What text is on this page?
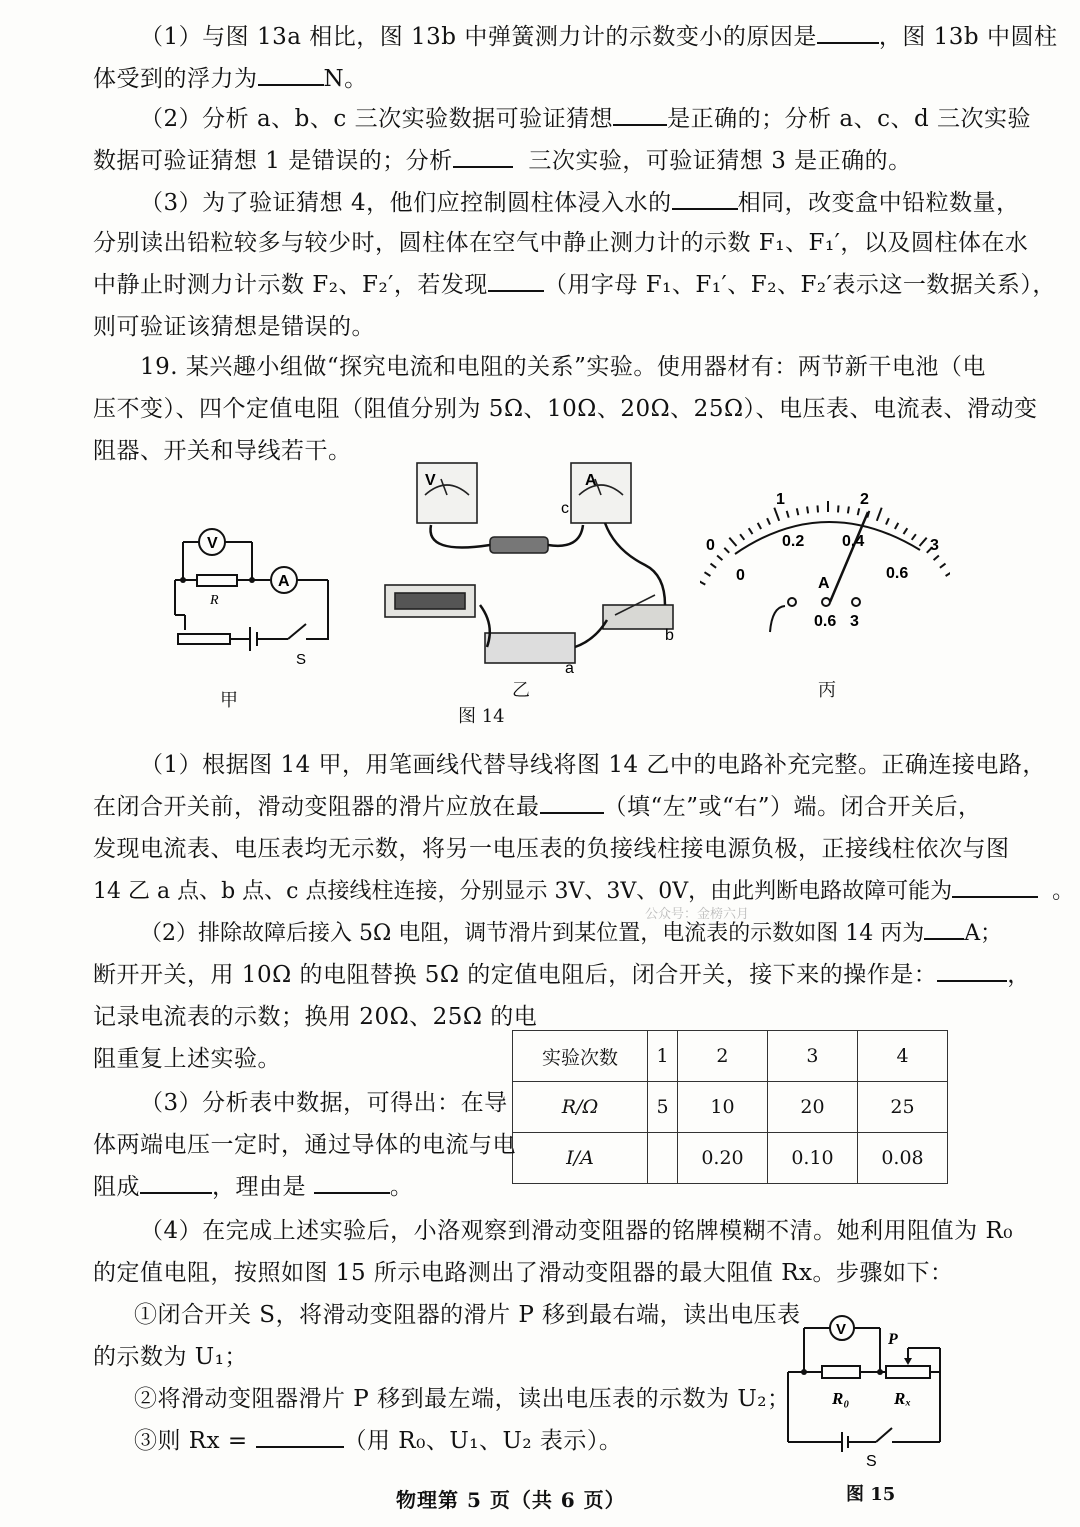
（1）与图 13a 相比，图 13b 中弹簧测力计的示数变小的原因是	，图 13b 中圆柱
体受到的浮力为	N。
（2）分析 a、b、c 三次实验数据可验证猜想 是正确的；分析 a、c、d 三次实验
数据可验证猜想 1 是错误的；分析	三次实验，可验证猜想 3 是正确的。
（3）为了验证猜想 4，他们应控制圆柱体浸入水的	相同，改变盒中铅粒数量，
分别读出铅粒较多与较少时，圆柱体在空气中静止测力计的示数 F₁、F₁′，以及圆柱体在水
中静止时测力计示数 F₂、F₂′，若发现 （用字母 F₁、F₁′、F₂、F₂′表示这一数据关系），
则可验证该猜想是错误的。
19. 某兴趣小组做“探究电流和电阻的关系”实验。使用器材有：两节新干电池（电
压不变）、四个定值电阻（阻值分别为 5Ω、10Ω、20Ω、25Ω）、电压表、电流表、滑动变
阻器、开关和导线若干。
V
A
R
S
甲
V	A
c
a
b
乙
图 14
1	2
0	3
0
0.2 0.4
0.6
A
0.6 3
丙
（1）根据图 14 甲，用笔画线代替导线将图 14 乙中的电路补充完整。正确连接电路，
在闭合开关前，滑动变阻器的滑片应放在最	（填“左”或“右”）端。闭合开关后，
发现电流表、电压表均无示数，将另一电压表的负接线柱接电源负极，正接线柱依次与图
14 乙 a 点、b 点、c 点接线柱连接，分别显示 3V、3V、0V，由此判断电路故障可能为	。
公众号：金榜六月
（2）排除故障后接入 5Ω 电阻，调节滑片到某位置，电流表的示数如图 14 丙为 A；
断开开关，用 10Ω 的电阻替换 5Ω 的定值电阻后，闭合开关，接下来的操作是：	，
记录电流表的示数；换用 20Ω、25Ω 的电
阻重复上述实验。	实验次数	1	2	3	4
R/Ω	5	10	20	25
I/A		0.20	0.10	0.08
（3）分析表中数据，可得出：在导
体两端电压一定时，通过导体的电流与电
阻成	，理由是	。
（4）在完成上述实验后，小洛观察到滑动变阻器的铭牌模糊不清。她利用阻值为 R₀
的定值电阻，按照如图 15 所示电路测出了滑动变阻器的最大阻值 Rx。步骤如下：
①闭合开关 S，将滑动变阻器的滑片 P 移到最右端，读出电压表
的示数为 U₁；
②将滑动变阻器滑片 P 移到最左端，读出电压表的示数为 U₂；
③则 Rx =	（用 R₀、U₁、U₂ 表示）。
V
P
R₀	Rₓ
S
图 15
物理第 5 页（共 6 页）
